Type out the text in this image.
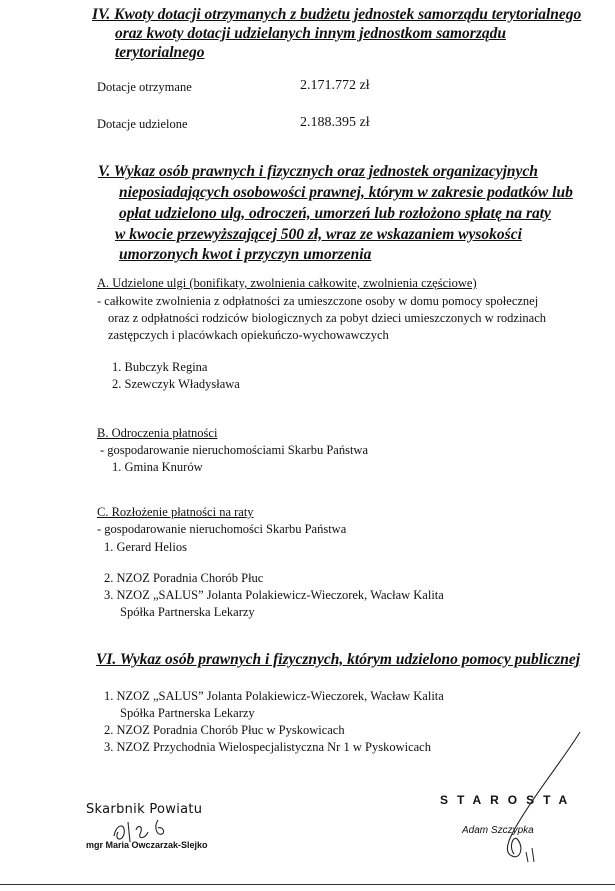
IV. Kwoty dotacji otrzymanych z budżetu jednostek samorządu terytorialnego
oraz kwoty dotacji udzielanych innym jednostkom samorządu
terytorialnego
Dotacje otrzymane	2.171.772 zł
Dotacje udzielone	2.188.395 zł
V. Wykaz osób prawnych i fizycznych oraz jednostek organizacyjnych
nieposiadających osobowości prawnej, którym w zakresie podatków lub
opłat udzielono ulg, odroczeń, umorzeń lub rozłożono spłatę na raty
w kwocie przewyższającej 500 zł, wraz ze wskazaniem wysokości
umorzonych kwot i przyczyn umorzenia
A. Udzielone ulgi (bonifikaty, zwolnienia całkowite, zwolnienia częściowe)
- całkowite zwolnienia z odpłatności za umieszczone osoby w domu pomocy społecznej
oraz z odpłatności rodziców biologicznych za pobyt dzieci umieszczonych w rodzinach
zastępczych i placówkach opiekuńczo-wychowawczych
1. Bubczyk Regina
2. Szewczyk Władysława
B. Odroczenia płatności
- gospodarowanie nieruchomościami Skarbu Państwa
1. Gmina Knurów
C. Rozłożenie płatności na raty
- gospodarowanie nieruchomości Skarbu Państwa
1. Gerard Helios
2. NZOZ Poradnia Chorób Płuc
3. NZOZ „SALUS” Jolanta Polakiewicz-Wieczorek, Wacław Kalita
Spółka Partnerska Lekarzy
VI. Wykaz osób prawnych i fizycznych, którym udzielono pomocy publicznej
1. NZOZ „SALUS” Jolanta Polakiewicz-Wieczorek, Wacław Kalita
Spółka Partnerska Lekarzy
2. NZOZ Poradnia Chorób Płuc w Pyskowicach
3. NZOZ Przychodnia Wielospecjalistyczna Nr 1 w Pyskowicach
Skarbnik Powiatu
mgr Maria Owczarzak-Slejko
STAROSTA
Adam Szczypka
